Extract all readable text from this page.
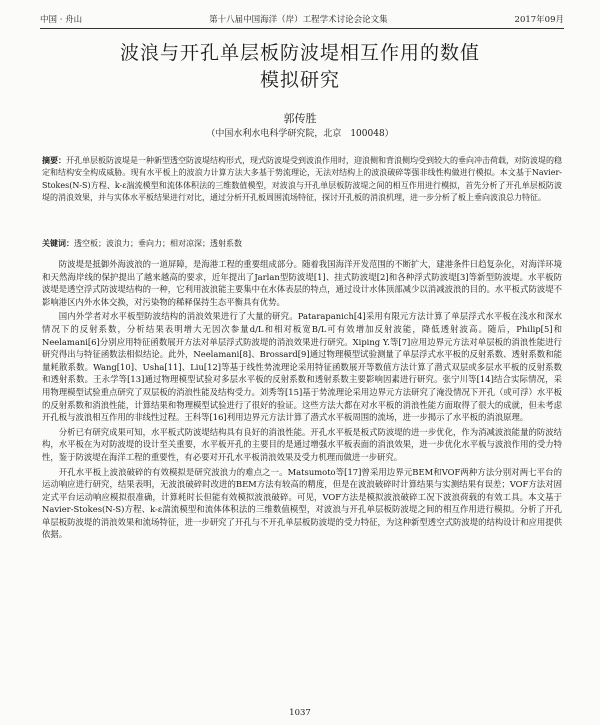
中国 · 舟山	第十八届中国海洋（岸）工程学术讨论会论文集	2017年09月
波浪与开孔单层板防波堤相互作用的数值
模拟研究
郭传胜
（中国水利水电科学研究院，北京　100048）
摘要：开孔单层板防波堤是一种新型透空防波堤结构形式，现式防波堤受到波浪作用时，迎浪侧和背浪侧均受到较大的垂向冲击荷载，对防波堤的稳定和结构安全构成威胁。现有水平板上的波浪力计算方法大多基于势流理论，无法对结构上的波浪破碎等强非线性构做进行模拟。本文基于Navier-Stokes(N-S)方程、k-ε湍流模型和流体体积法的三维数值模型，对波浪与开孔单层板防波堤之间的相互作用进行模拟，首先分析了开孔单层板防波堤的消浪效果，并与实体水平板结果进行对比，通过分析开孔板周围流场特征，探讨开孔板的消浪机理，进一步分析了板上垂向波浪总力特征。
关键词：透空板；波浪力；垂向力；相对凉深；透射系数

防波堤是抵御外海波浪的一道屏障，是海港工程的重要组成部分。随着我国海洋开发范围的不断扩大，建港条件日趋复杂化，对海洋环境和天然海岸线的保护提出了越来越高的要求，近年提出了Jarlan型防波堤[1]、挂式防波堤[2]和各种浮式防波堤[3]等新型防波堤。水平板防波堤是透空浮式防波堤结构的一种，它利用波浪能主要集中在水体表层的特点，通过设计水体顶部减少以消减波浪的目的。水平板式防波堤不影响港区内外水体交换，对污染物的稀释保持生态平衡具有优势。

国内外学者对水平板型防波结构的消浪效果进行了大量的研究。Patarapanich[4]采用有限元方法计算了单层浮式水平板在浅水和深水情况下的反射系数，分析结果表明增大无因次参量d/L和相对板宽B/L可有效增加反射波能，降低透射波高。随后，Philip[5]和Neelamani[6]分别应用特征函数展开方法对单层浮式防波堤的消浪效果进行研究。Xiping Y.等[7]应用边界元方法对单层板的消浪性能进行研究得出与特征函数法相似结论。此外，Neelamani[8]、Brossard[9]通过物理模型试验测量了单层浮式水平板的反射系数、透射系数和能量耗散系数。Wang[10]、Usha[11]、Liu[12]等基于线性势流理论采用特征函数展开等数值方法计算了潜式双层或多层水平板的反射系数和透射系数。王永学等[13]通过物理模型试验对多层水平板的反射系数和透射系数主要影响因素进行研究。张宁川等[14]结合实际情况，采用物理模型试验重点研究了双层板的消浪性能及结构受力。刘秀等[15]基于势流理论采用边界元方法研究了淹没情况下开孔（或可浮）水平板的反射系数和消浪性能，计算结果和物理模型试验进行了很好的验证。这些方法大都在对水平板的消浪性能方面取得了很大的成就，但未考虑开孔板与波浪相互作用的非线性过程。王科等[16]利用边界元方法计算了潜式水平板周围的流场，进一步揭示了水平板的消浪原理。

分析已有研究成果可知，水平板式防波堤结构具有良好的消浪性能。开孔水平板是板式防波堤的进一步优化，作为消减波浪能量的防波结构，水平板在为对防波堤的设计至关重要，水平板开孔的主要目的是通过增强水平板表面的消浪效果，进一步优化水平板与波浪作用的受力特性，鉴于防波堤在海洋工程的重要性，有必要对开孔水平板消浪效果及受力机理而做进一步研究。

开孔水平板上波浪破碎的有效模拟是研究波浪力的难点之一。Matsumoto等[17]曾采用边界元BEM和VOF两种方法分别对两七平台的运动响应进行研究，结果表明，无波浪破碎时改进的BEM方法有较高的精度，但是在波浪破碎时计算结果与实测结果有误差；VOF方法对固定式平台运动响应模拟很准确，计算耗时长但能有效模拟波浪破碎。可见，VOF方法是模拟波浪破碎工况下波浪荷载的有效工具。本文基于Navier-Stokes(N-S)方程、k-ε湍流模型和流体体积法的三维数值模型，对波浪与开孔单层板防波堤之间的相互作用进行模拟。分析了开孔单层板防波堤的消浪效果和流场特征，进一步研究了开孔与不开孔单层板防波堤的受力特征，为这种新型透空式防波堤的结构设计和应用提供依据。

1037
